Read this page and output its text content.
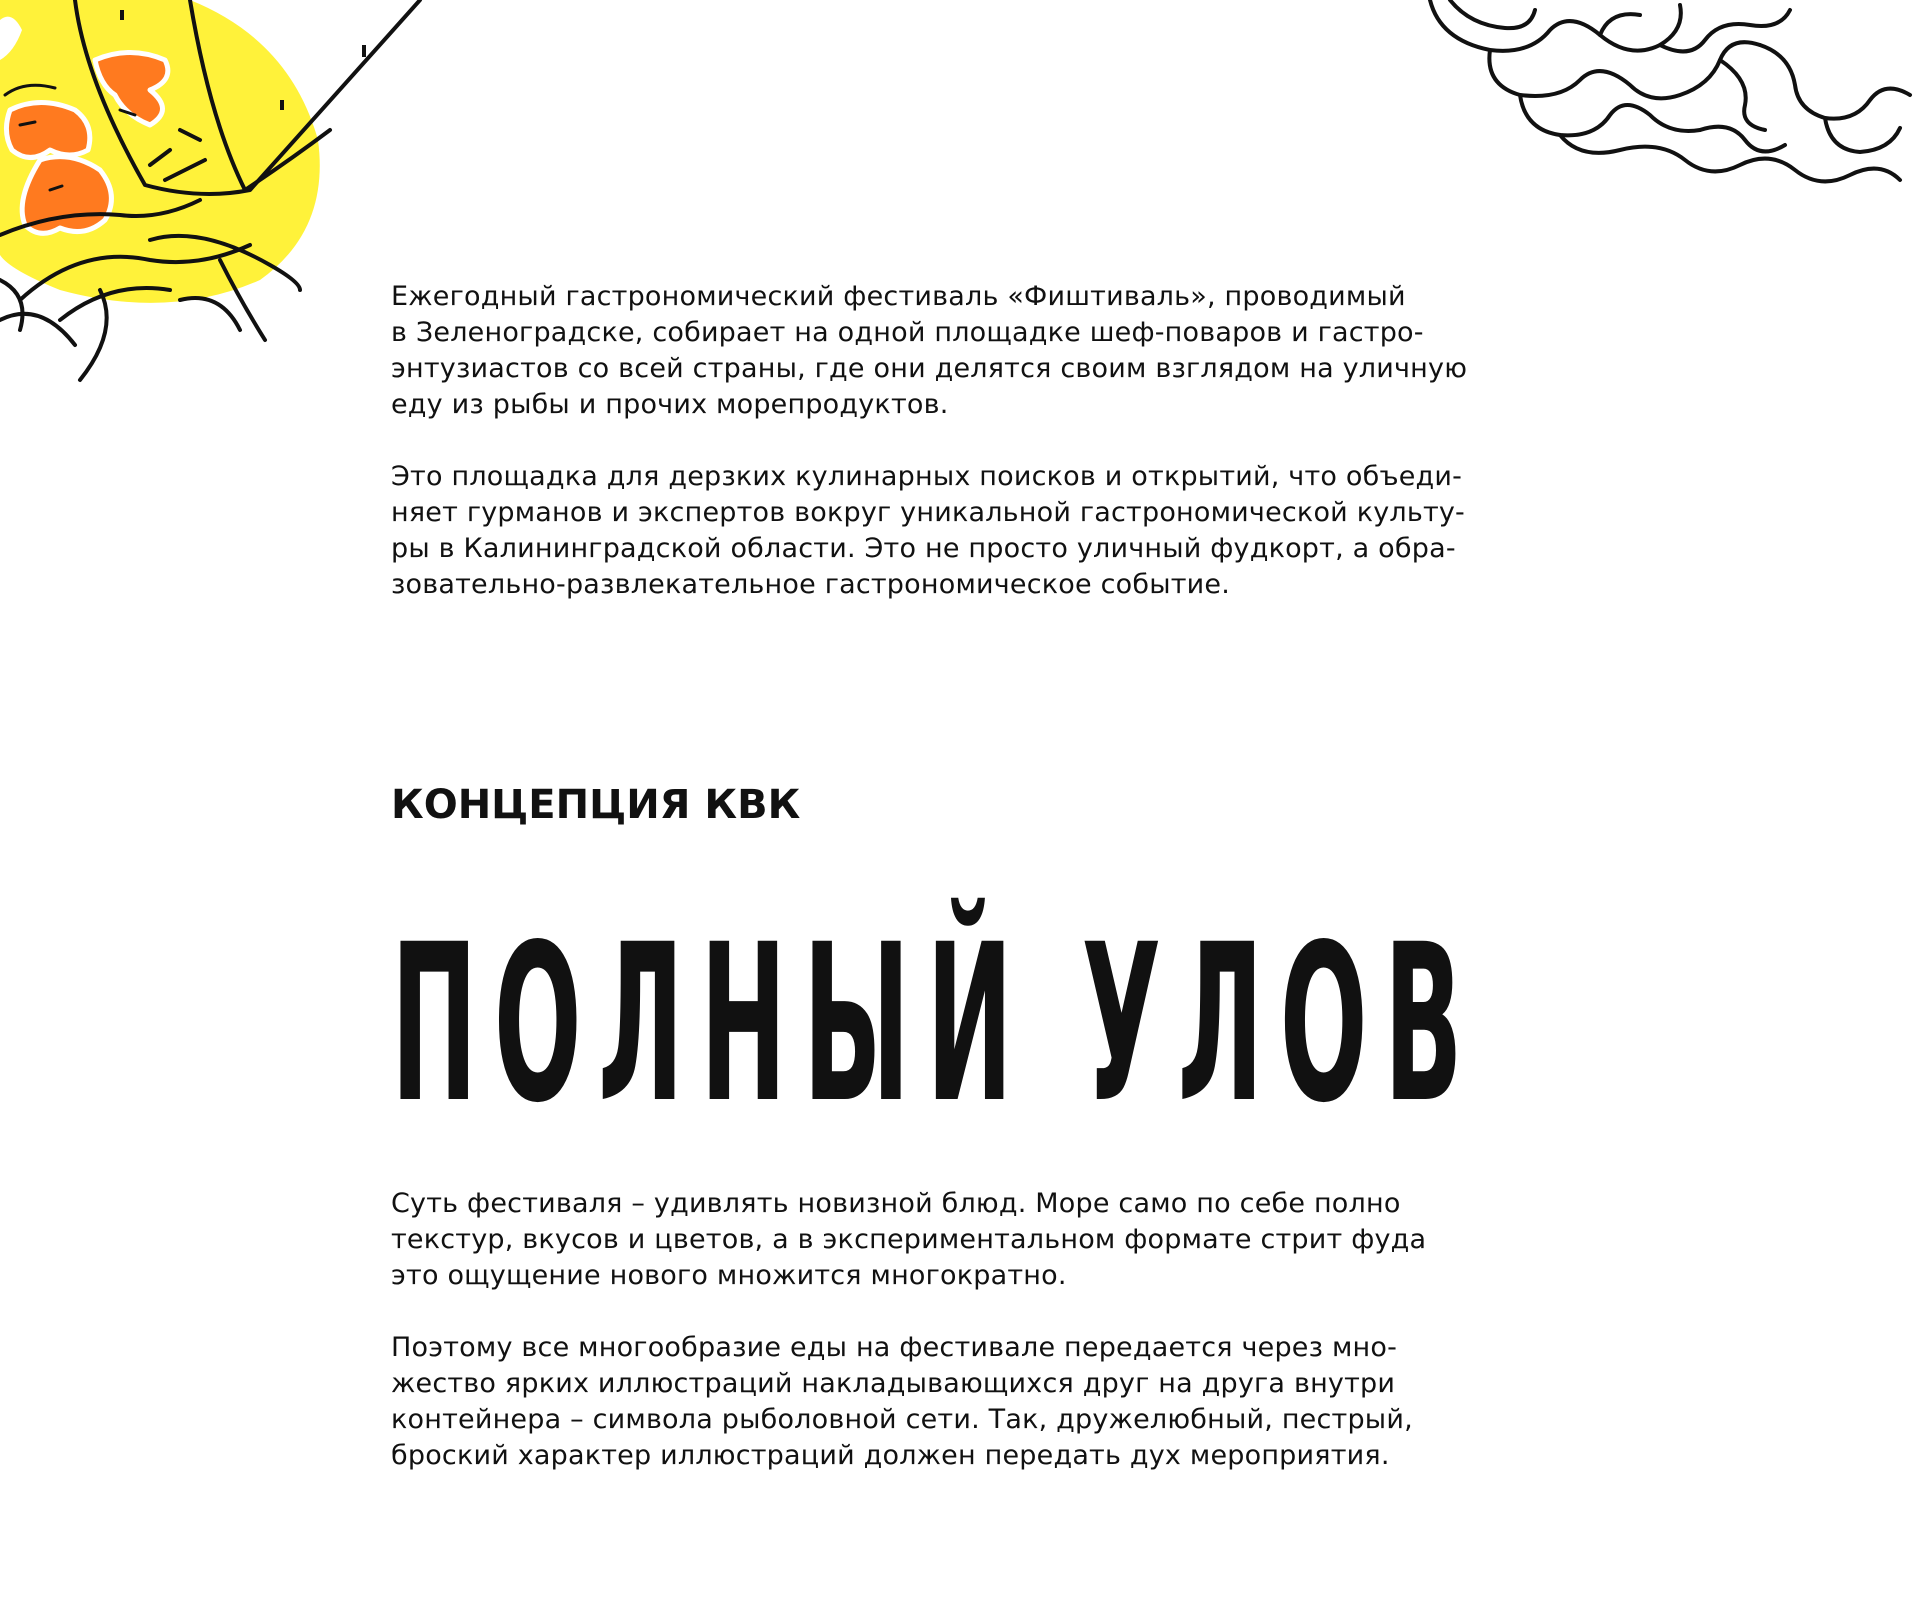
Ежегодный гастрономический фестиваль «Фиштиваль», проводимый
в Зеленоградске, собирает на одной площадке шеф-поваров и гастро-
энтузиастов со всей страны, где они делятся своим взглядом на уличную
еду из рыбы и прочих морепродуктов.

Это площадка для дерзких кулинарных поисков и открытий, что объеди-
няет гурманов и экспертов вокруг уникальной гастрономической культу-
ры в Калининградской области. Это не просто уличный фудкорт, а обра-
зовательно-развлекательное гастрономическое событие.

КОНЦЕПЦИЯ КВК
ПОЛНЫЙ УЛОВ

Суть фестиваля – удивлять новизной блюд. Море само по себе полно
текстур, вкусов и цветов, а в экспериментальном формате стрит фуда
это ощущение нового множится многократно.

Поэтому все многообразие еды на фестивале передается через мно-
жество ярких иллюстраций накладывающихся друг на друга внутри
контейнера – символа рыболовной сети. Так, дружелюбный, пестрый,
броский характер иллюстраций должен передать дух мероприятия.
